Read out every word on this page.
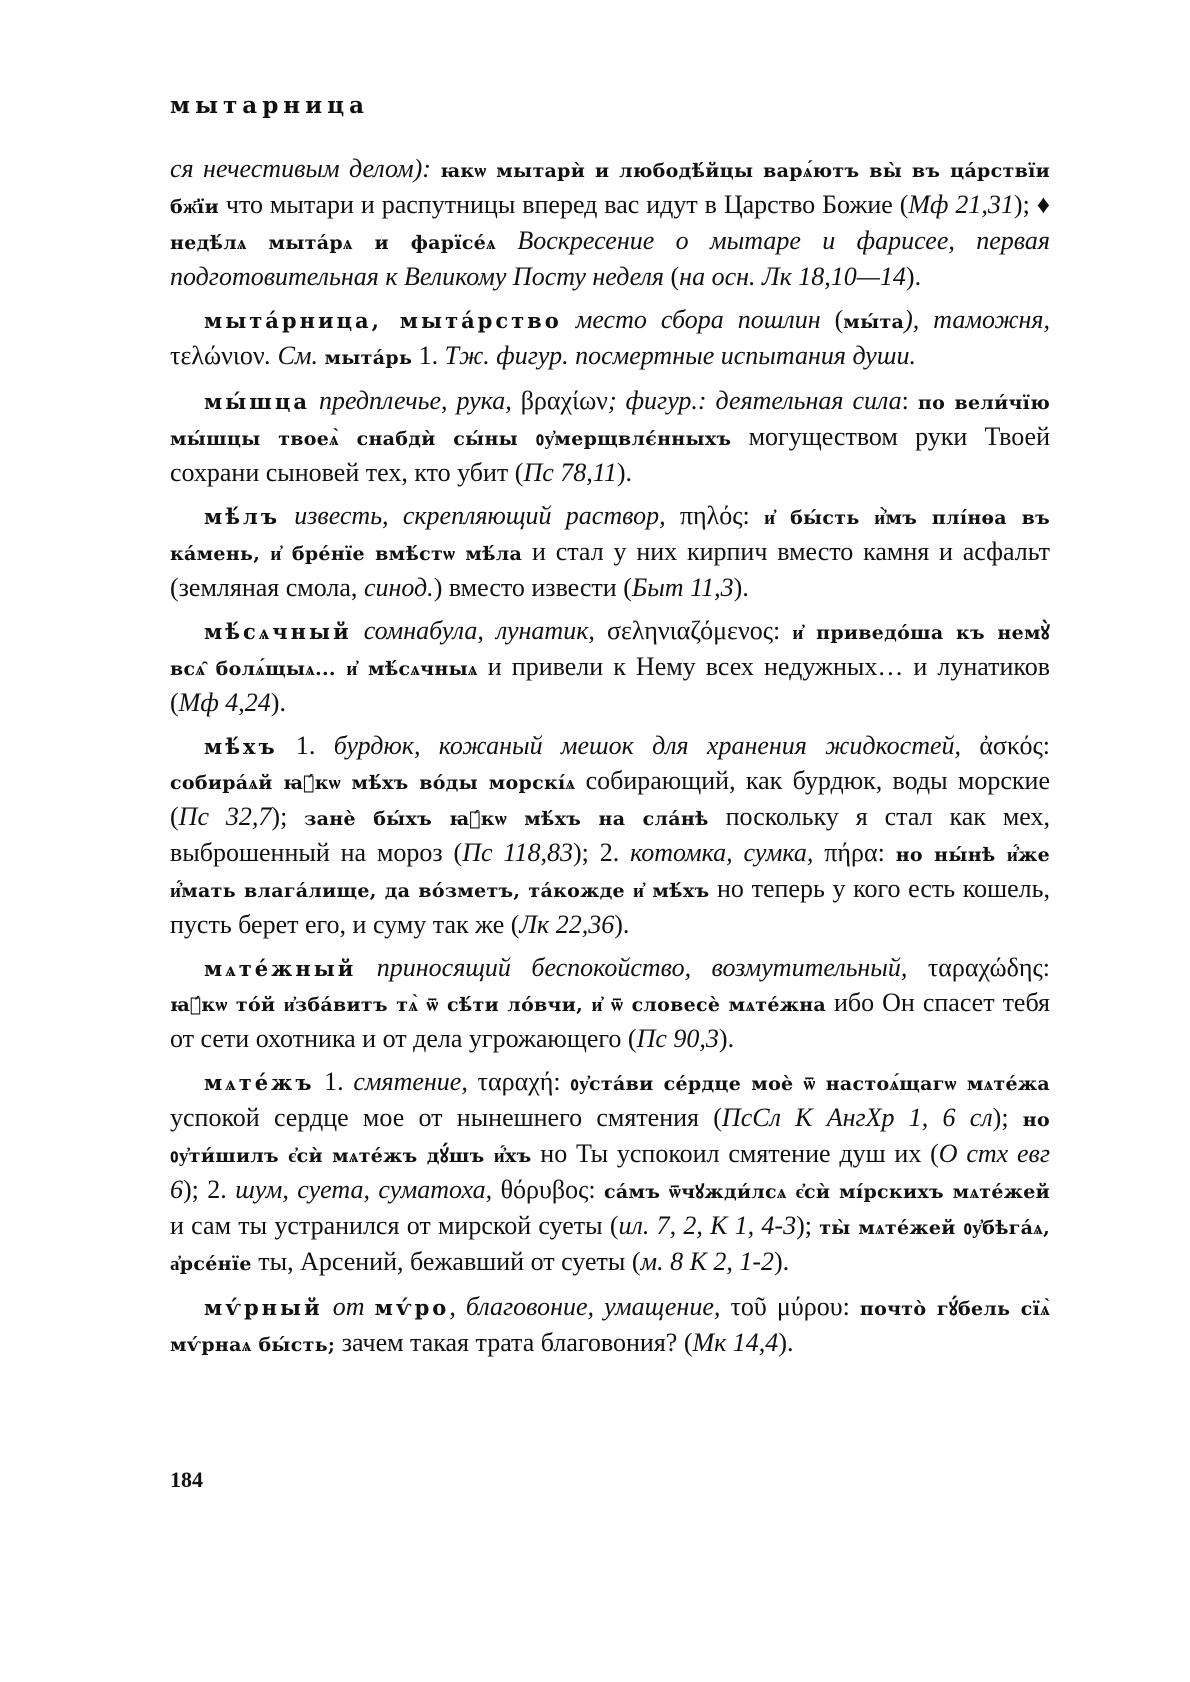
мытарница

ся нечестивым делом): ꙗкѡ мытарѝ и любодѣ́йцы варѧ́ютъ вы̀ въ ца́рствїи бж҃їи что мытари и распутницы вперед вас идут в Царство Божие (Мф 21,31); ♦ недѣ́лѧ мыта́рѧ и фарїсе́ѧ Воскресение о мытаре и фарисее, первая подготовительная к Великому Посту неделя (на осн. Лк 18,10—14).

мыта́рница, мыта́рство место сбора пошлин (мы́та), таможня, τελώνιον. См. мыта́рь 1. Тж. фигур. посмертные испытания души.

мы́шца предплечье, рука, βραχίων; фигур.: деятельная сила: по вели́чїю мы́шцы твоеѧ̀ снабдѝ сы́ны ᲂу҆мерщвлє́нныхъ могуществом руки Твоей сохрани сыновей тех, кто убит (Пс 78,11).

мѣ́лъ известь, скрепляющий раствор, πηλός: и҆ бы́сть и҆̀мъ плі́нѳа въ ка́мень, и҆ бре́нїе вмѣ́стѡ мѣ́ла и стал у них кирпич вместо камня и асфальт (земляная смола, синод.) вместо извести (Быт 11,3).

мѣ́сѧчный сомнабула, лунатик, σεληνιαζόμενος: и҆ приведо́ша къ немꙋ̀ всѧ̑ болѧ́щыѧ... и҆ мѣ́сѧчныѧ и привели к Нему всех недужных… и лунатиков (Мф 4,24).

мѣ́хъ 1. бурдюк, кожаный мешок для хранения жидкостей, ἀσκός: собира́ѧй ꙗ҆́кѡ мѣ́хъ во́ды морскі́ѧ собирающий, как бурдюк, воды морские (Пс 32,7); занѐ бы́хъ ꙗ҆́кѡ мѣ́хъ на сла́нѣ поскольку я стал как мех, выброшенный на мороз (Пс 118,83); 2. котомка, сумка, πήρα: но ны́нѣ и҆́же и҆́мать влага́лище, да во́зметъ, та́кожде и҆ мѣ́хъ но теперь у кого есть кошель, пусть берет его, и суму так же (Лк 22,36).

мѧте́жный приносящий беспокойство, возмутительный, ταραχώδης: ꙗ҆́кѡ то́й и҆зба́витъ тѧ̀ ѿ сѣ́ти ло́вчи, и҆ ѿ словесѐ мѧте́жна ибо Он спасет тебя от сети охотника и от дела угрожающего (Пс 90,3).

мѧте́жъ 1. смятение, ταραχή: ᲂу҆ста́ви се́рдце моѐ ѿ настоѧ́щагѡ мѧте́жа успокой сердце мое от нынешнего смятения (ПсСл К АнгХр 1, 6 сл); но ᲂу҆ти́шилъ є҆сѝ мѧте́жъ дꙋ́шъ и҆́хъ но Ты успокоил смятение душ их (О стх евг 6); 2. шум, суета, суматоха, θόρυβος: са́мъ ѿчꙋжди́лсѧ є҆сѝ мі́рскихъ мѧте́жей и сам ты устранился от мирской суеты (ил. 7, 2, К 1, 4-3); ты̀ мѧте́жей ᲂу҆бѣга́ѧ, а҆рсе́нїе ты, Арсений, бежавший от суеты (м. 8 К 2, 1-2).

мѵ́рный от мѵ́ро, благовоние, умащение, τοῦ μύρου: почто̀ гꙋ́бель сїѧ̀ мѵ́рнаѧ бы́сть; зачем такая трата благовония? (Мк 14,4).

184
